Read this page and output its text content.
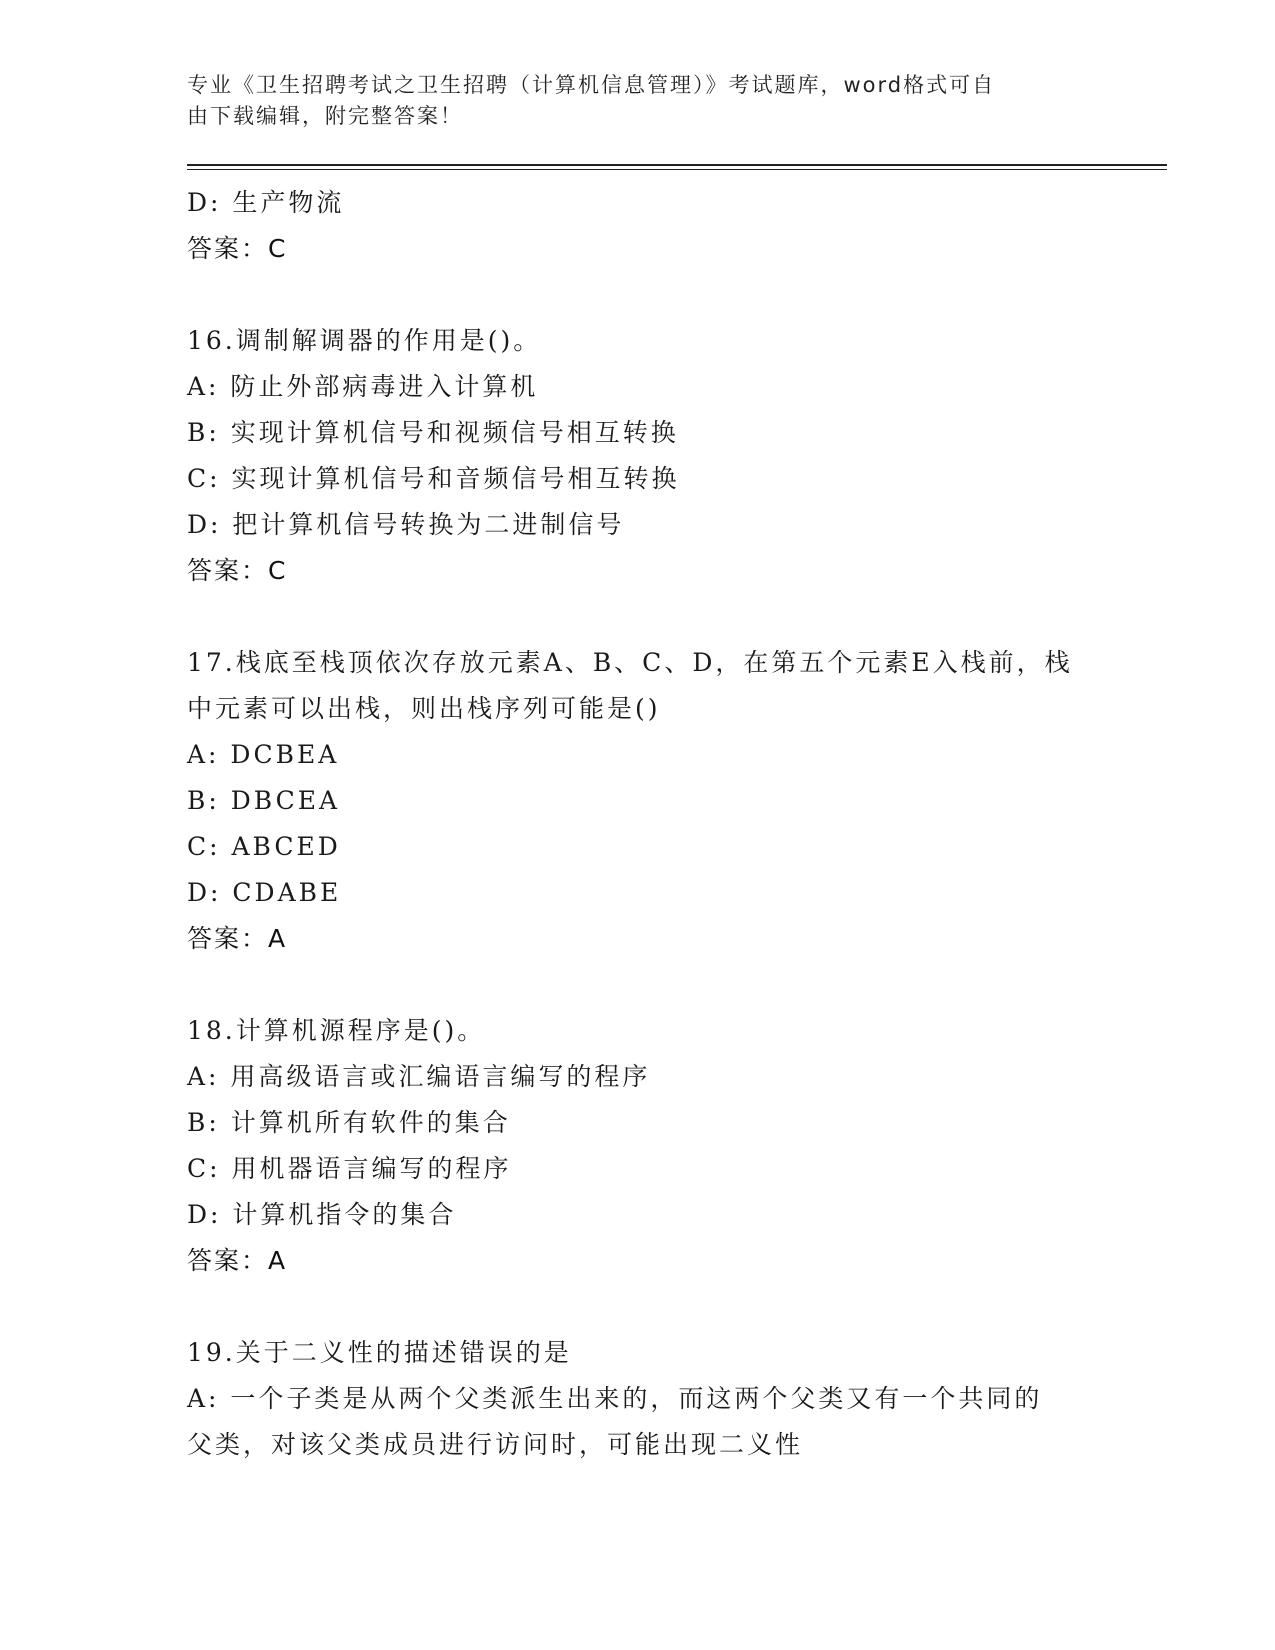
专业《卫生招聘考试之卫生招聘（计算机信息管理）》考试题库，word格式可自
由下载编辑，附完整答案！
D: 生产物流
答案：C
16.调制解调器的作用是()。
A: 防止外部病毒进入计算机
B: 实现计算机信号和视频信号相互转换
C: 实现计算机信号和音频信号相互转换
D: 把计算机信号转换为二进制信号
答案：C
17.栈底至栈顶依次存放元素A、B、C、D，在第五个元素E入栈前，栈
中元素可以出栈，则出栈序列可能是()
A: DCBEA
B: DBCEA
C: ABCED
D: CDABE
答案：A
18.计算机源程序是()。
A: 用高级语言或汇编语言编写的程序
B: 计算机所有软件的集合
C: 用机器语言编写的程序
D: 计算机指令的集合
答案：A
19.关于二义性的描述错误的是
A: 一个子类是从两个父类派生出来的，而这两个父类又有一个共同的
父类，对该父类成员进行访问时，可能出现二义性
